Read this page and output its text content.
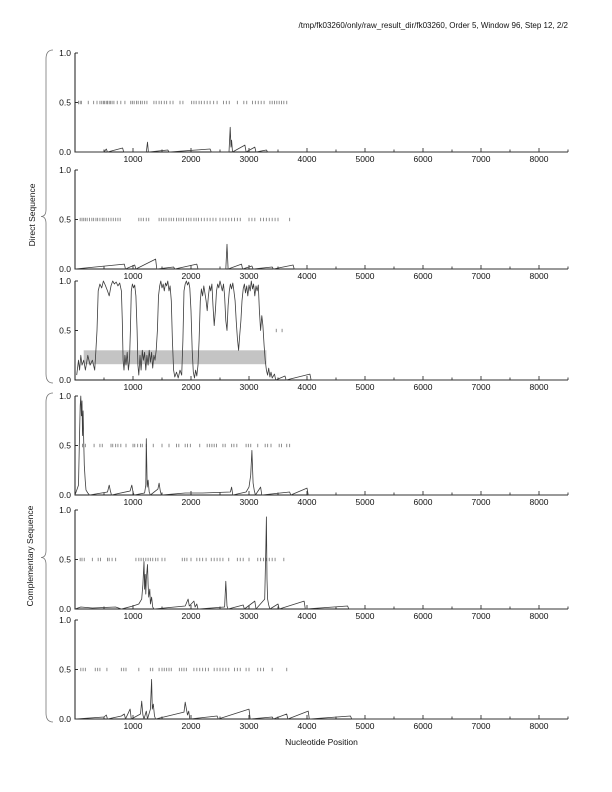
/tmp/fk03260/only/raw_result_dir/fk03260, Order 5, Window 96, Step 12, 2/2
0.0
0.5
1.0
1000	2000	3000	4000	5000	6000	7000	8000
0.0
0.5
1.0
1000	2000	3000	4000	5000	6000	7000	8000
0.0
0.5
1.0
1000	2000	3000	4000	5000	6000	7000	8000
0.0
0.5
1.0
1000	2000	3000	4000	5000	6000	7000	8000
0.0
0.5
1.0
1000	2000	3000	4000	5000	6000	7000	8000
0.0
0.5
1.0
1000	2000	3000	4000	5000	6000	7000	8000
Direct Sequence
Complementary Sequence
Nucleotide Position
